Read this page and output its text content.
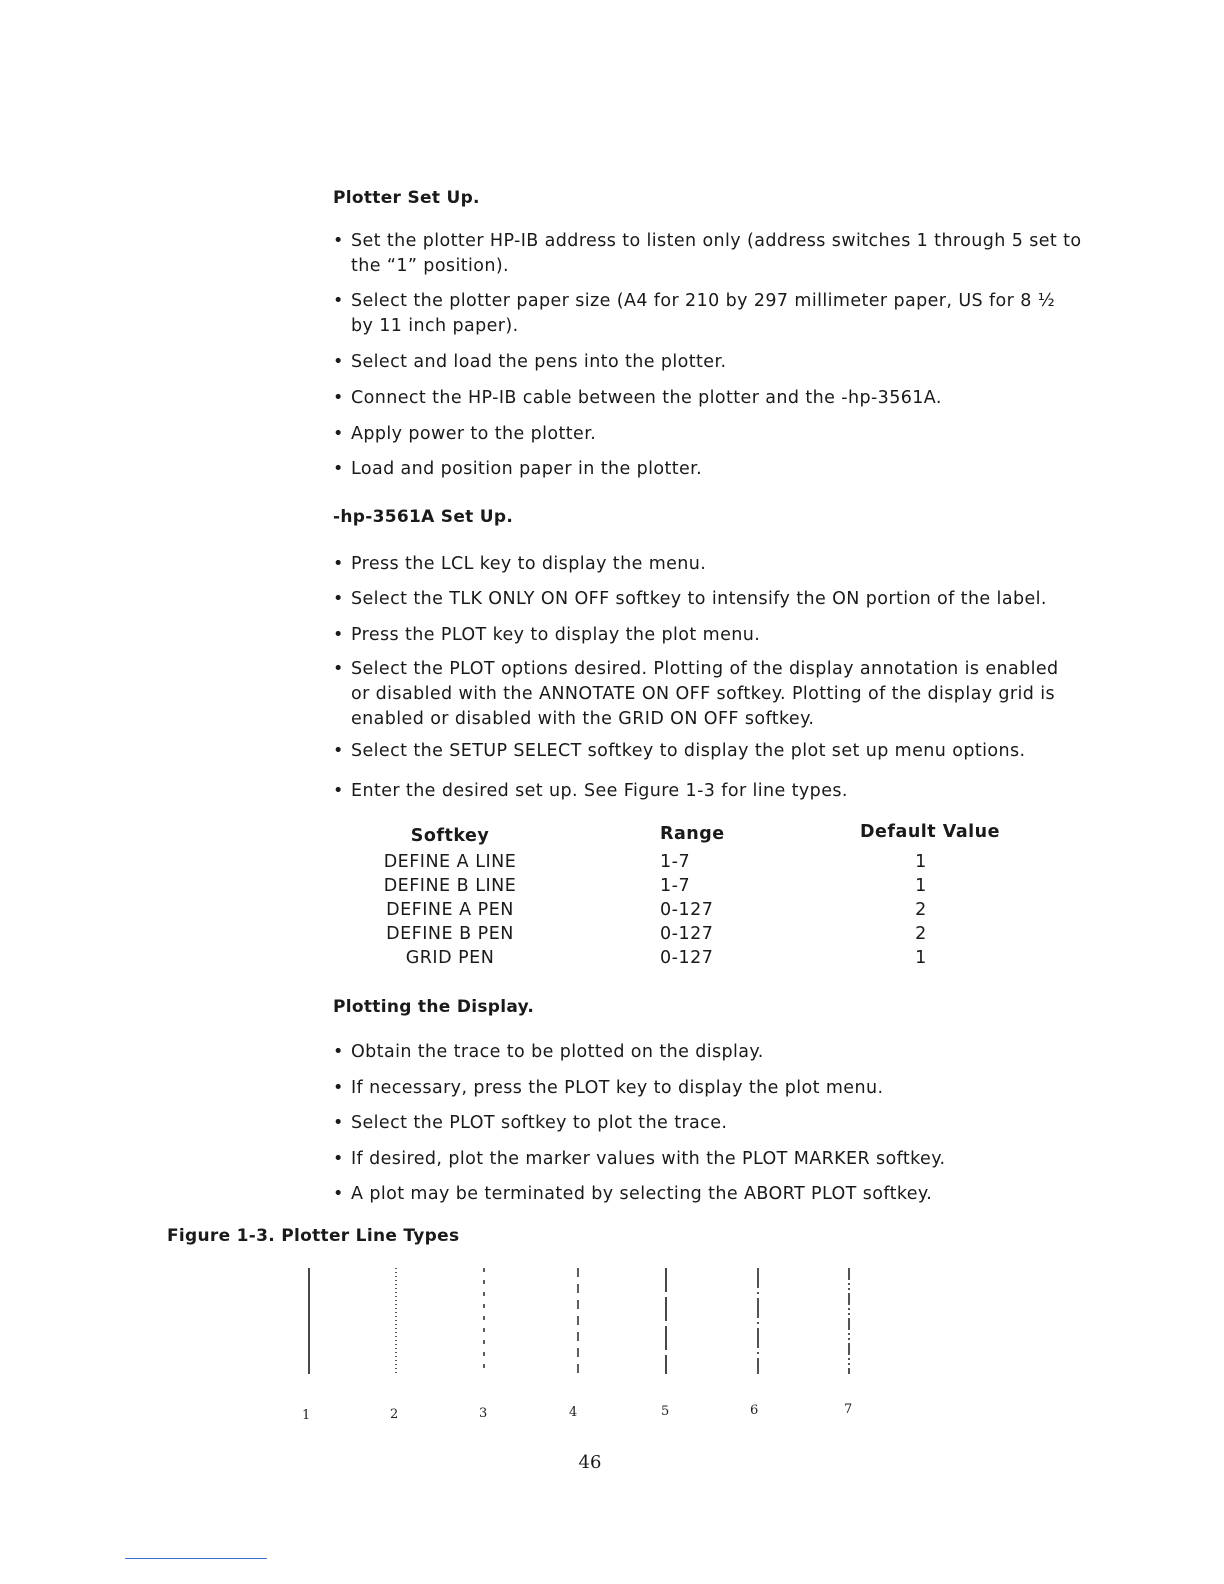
Plotter Set Up.
• Set the plotter HP-IB address to listen only (address switches 1 through 5 set to the “1” position).
• Select the plotter paper size (A4 for 210 by 297 millimeter paper, US for 8 ½ by 11 inch paper).
• Select and load the pens into the plotter.
• Connect the HP-IB cable between the plotter and the -hp-3561A.
• Apply power to the plotter.
• Load and position paper in the plotter.
-hp-3561A Set Up.
• Press the LCL key to display the menu.
• Select the TLK ONLY ON OFF softkey to intensify the ON portion of the label.
• Press the PLOT key to display the plot menu.
• Select the PLOT options desired. Plotting of the display annotation is enabled or disabled with the ANNOTATE ON OFF softkey. Plotting of the display grid is enabled or disabled with the GRID ON OFF softkey.
• Select the SETUP SELECT softkey to display the plot set up menu options.
• Enter the desired set up. See Figure 1-3 for line types.
Softkey	Range	Default Value
DEFINE A LINE	1-7	1
DEFINE B LINE	1-7	1
DEFINE A PEN	0-127	2
DEFINE B PEN	0-127	2
GRID PEN	0-127	1
Plotting the Display.
• Obtain the trace to be plotted on the display.
• If necessary, press the PLOT key to display the plot menu.
• Select the PLOT softkey to plot the trace.
• If desired, plot the marker values with the PLOT MARKER softkey.
• A plot may be terminated by selecting the ABORT PLOT softkey.
Figure 1-3. Plotter Line Types
1	2	3	4	5	6	7
46
